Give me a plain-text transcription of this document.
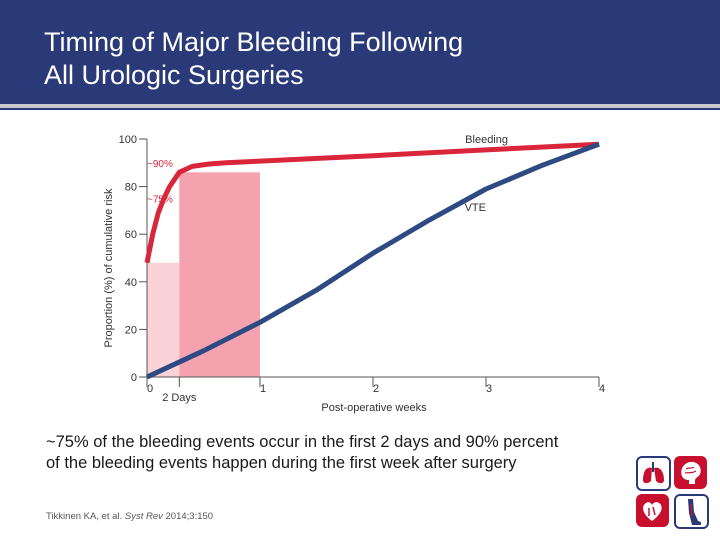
Timing of Major Bleeding Following
All Urologic Surgeries
0
20
40
60
80
100
0	1	2	3	4
2 Days
Post-operative weeks
Proportion (%) of cumulative risk
Bleeding
VTE
~90%
~75%
~75% of the bleeding events occur in the first 2 days and 90% percent
of the bleeding events happen during the first week after surgery
Tikkinen KA, et al. Syst Rev 2014;3:150
